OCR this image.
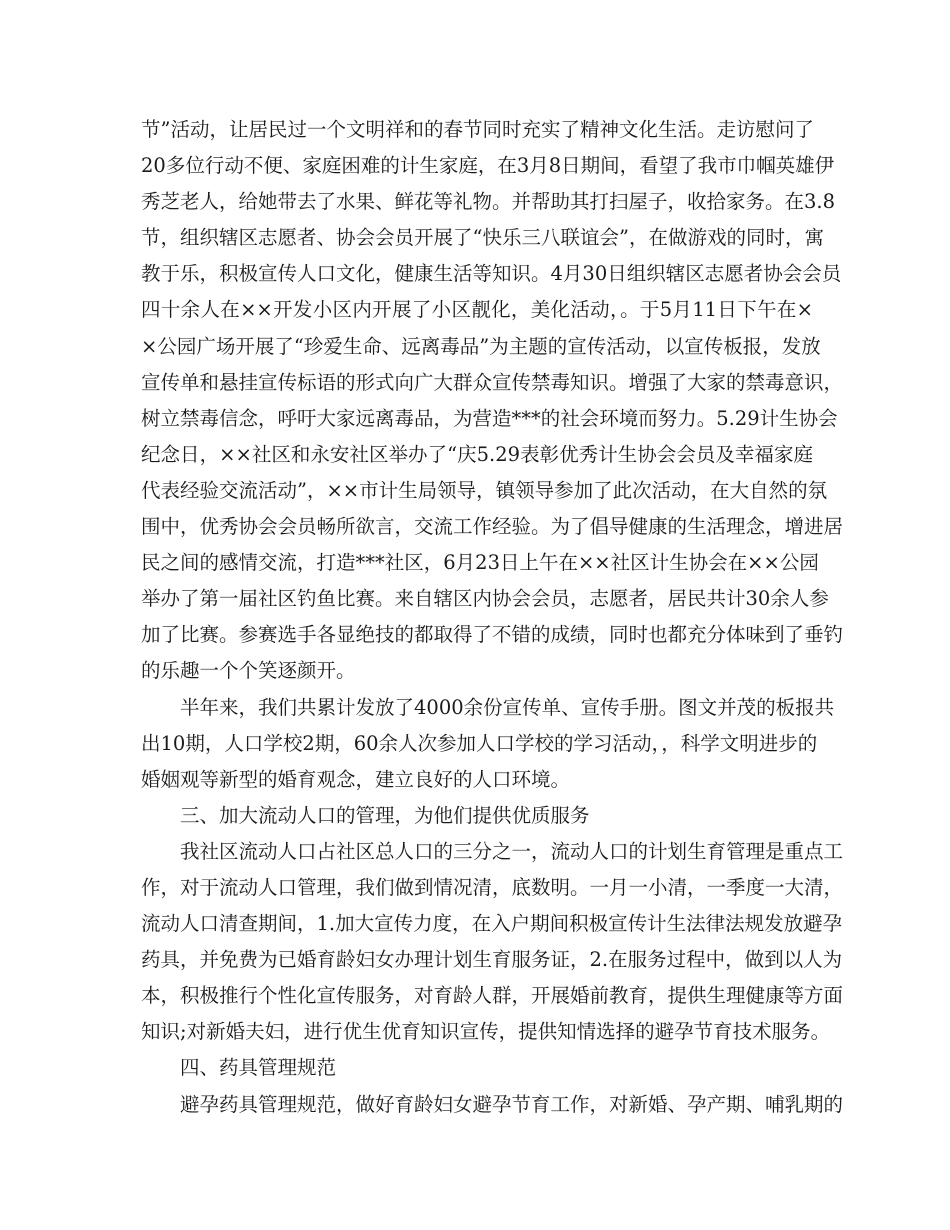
节”活动，让居民过一个文明祥和的春节同时充实了精神文化生活。走访慰问了
20多位行动不便、家庭困难的计生家庭，在3月8日期间，看望了我市巾帼英雄伊
秀芝老人，给她带去了水果、鲜花等礼物。并帮助其打扫屋子，收拾家务。在3.8
节，组织辖区志愿者、协会会员开展了“快乐三八联谊会”，在做游戏的同时，寓
教于乐，积极宣传人口文化，健康生活等知识。4月30日组织辖区志愿者协会会员
四十余人在××开发小区内开展了小区靓化，美化活动，。于5月11日下午在×
×公园广场开展了“珍爱生命、远离毒品”为主题的宣传活动，以宣传板报，发放
宣传单和悬挂宣传标语的形式向广大群众宣传禁毒知识。增强了大家的禁毒意识，
树立禁毒信念，呼吁大家远离毒品，为营造***的社会环境而努力。5.29计生协会
纪念日，××社区和永安社区举办了“庆5.29表彰优秀计生协会会员及幸福家庭
代表经验交流活动”，××市计生局领导，镇领导参加了此次活动，在大自然的氛
围中，优秀协会会员畅所欲言，交流工作经验。为了倡导健康的生活理念，增进居
民之间的感情交流，打造***社区，6月23日上午在××社区计生协会在××公园
举办了第一届社区钓鱼比赛。来自辖区内协会会员，志愿者，居民共计30余人参
加了比赛。参赛选手各显绝技的都取得了不错的成绩，同时也都充分体味到了垂钓
的乐趣一个个笑逐颜开。
半年来，我们共累计发放了4000余份宣传单、宣传手册。图文并茂的板报共
出10期，人口学校2期，60余人次参加人口学校的学习活动，，科学文明进步的
婚姻观等新型的婚育观念，建立良好的人口环境。
三、加大流动人口的管理，为他们提供优质服务
我社区流动人口占社区总人口的三分之一，流动人口的计划生育管理是重点工
作，对于流动人口管理，我们做到情况清，底数明。一月一小清，一季度一大清，
流动人口清查期间，1.加大宣传力度，在入户期间积极宣传计生法律法规发放避孕
药具，并免费为已婚育龄妇女办理计划生育服务证，2.在服务过程中，做到以人为
本，积极推行个性化宣传服务，对育龄人群，开展婚前教育，提供生理健康等方面
知识;对新婚夫妇，进行优生优育知识宣传，提供知情选择的避孕节育技术服务。
四、药具管理规范
避孕药具管理规范，做好育龄妇女避孕节育工作，对新婚、孕产期、哺乳期的
